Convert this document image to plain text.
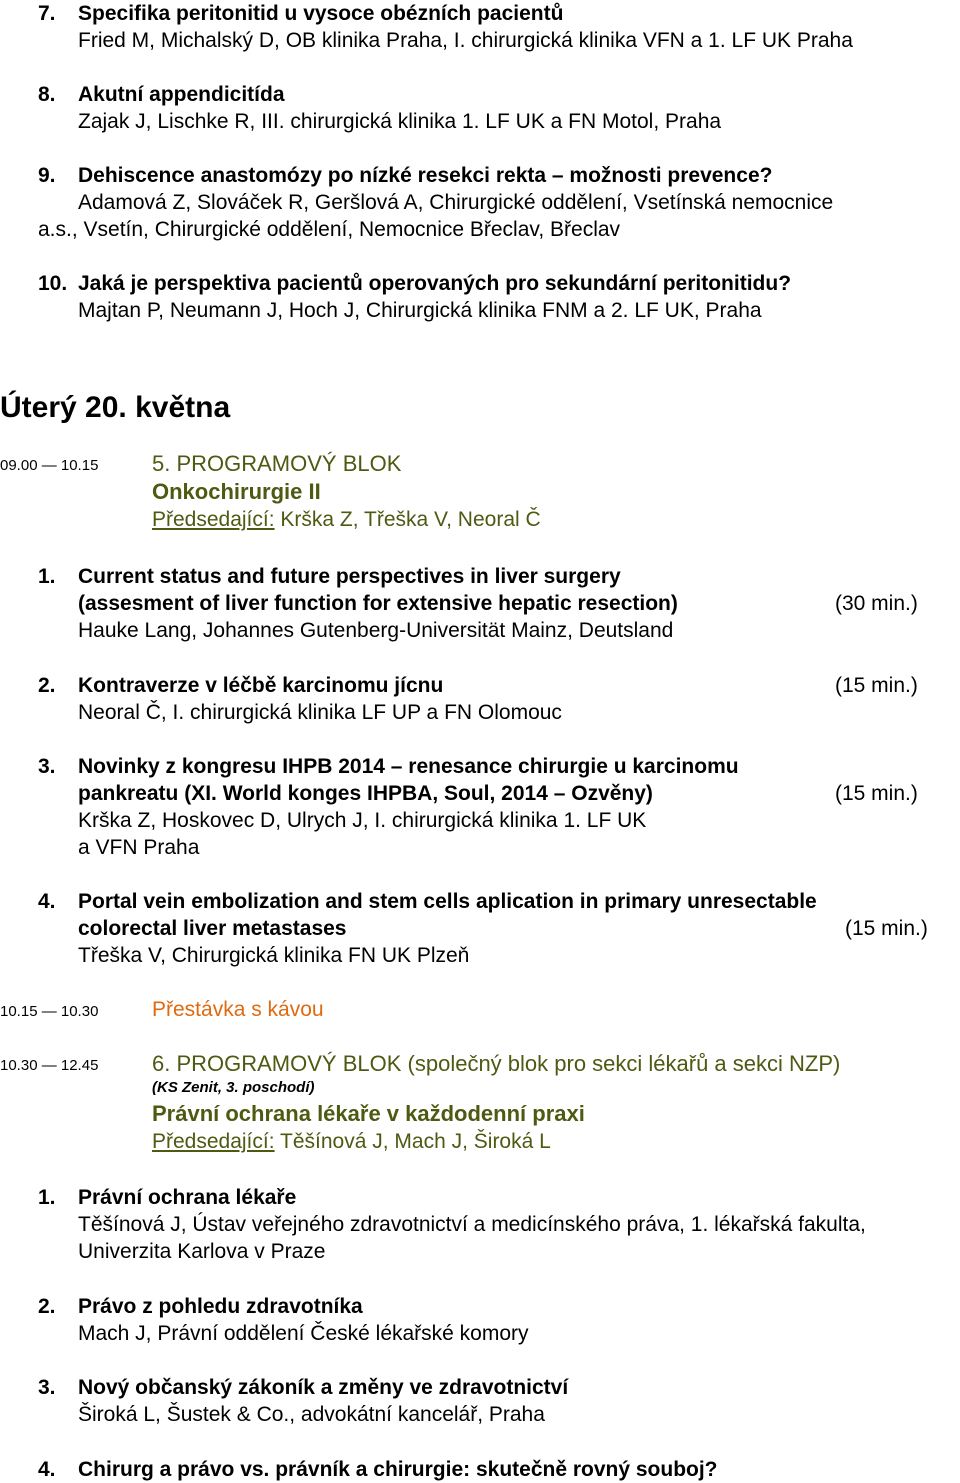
7. Specifika peritonitid u vysoce obézních pacientů
Fried M, Michalský D, OB klinika Praha, I. chirurgická klinika VFN a 1. LF UK Praha
8. Akutní appendicitída
Zajak J, Lischke R, III. chirurgická klinika 1. LF UK a FN Motol, Praha
9. Dehiscence anastomózy po nízké resekci rekta – možnosti prevence?
Adamová Z, Slováček R, Geršlová A, Chirurgické oddělení, Vsetínská nemocnice
a.s., Vsetín, Chirurgické oddělení, Nemocnice Břeclav, Břeclav
10. Jaká je perspektiva pacientů operovaných pro sekundární peritonitidu?
Majtan P, Neumann J, Hoch J, Chirurgická klinika FNM a 2. LF UK, Praha
Úterý 20. května
09.00 — 10.15 5. PROGRAMOVÝ BLOK
Onkochirurgie II
Předsedající: Krška Z, Třeška V, Neoral Č
1. Current status and future perspectives in liver surgery
(assesment of liver function for extensive hepatic resection)
Hauke Lang, Johannes Gutenberg-Universität Mainz, Deutsland
(30 min.)
2. Kontraverze v léčbě karcinomu jícnu
Neoral Č, I. chirurgická klinika LF UP a FN Olomouc
(15 min.)
3. Novinky z kongresu IHPB 2014 – renesance chirurgie u karcinomu
pankreatu (XI. World konges IHPBA, Soul, 2014 – Ozvěny)
Krška Z, Hoskovec D, Ulrych J, I. chirurgická klinika 1. LF UK
a VFN Praha
(15 min.)
4. Portal vein embolization and stem cells aplication in primary unresectable
colorectal liver metastases
Třeška V, Chirurgická klinika FN UK Plzeň
(15 min.)
10.15 — 10.30	Přestávka s kávou
10.30 — 12.45 6. PROGRAMOVÝ BLOK (společný blok pro sekci lékařů a sekci NZP)
(KS Zenit, 3. poschodí)
Právní ochrana lékaře v každodenní praxi
Předsedající: Těšínová J, Mach J, Široká L
1. Právní ochrana lékaře
Těšínová J, Ústav veřejného zdravotnictví a medicínského práva, 1. lékařská fakulta,
Univerzita Karlova v Praze
2. Právo z pohledu zdravotníka
Mach J, Právní oddělení České lékařské komory
3. Nový občanský zákoník a změny ve zdravotnictví
Široká L, Šustek & Co., advokátní kancelář, Praha
4. Chirurg a právo vs. právník a chirurgie: skutečně rovný souboj?
